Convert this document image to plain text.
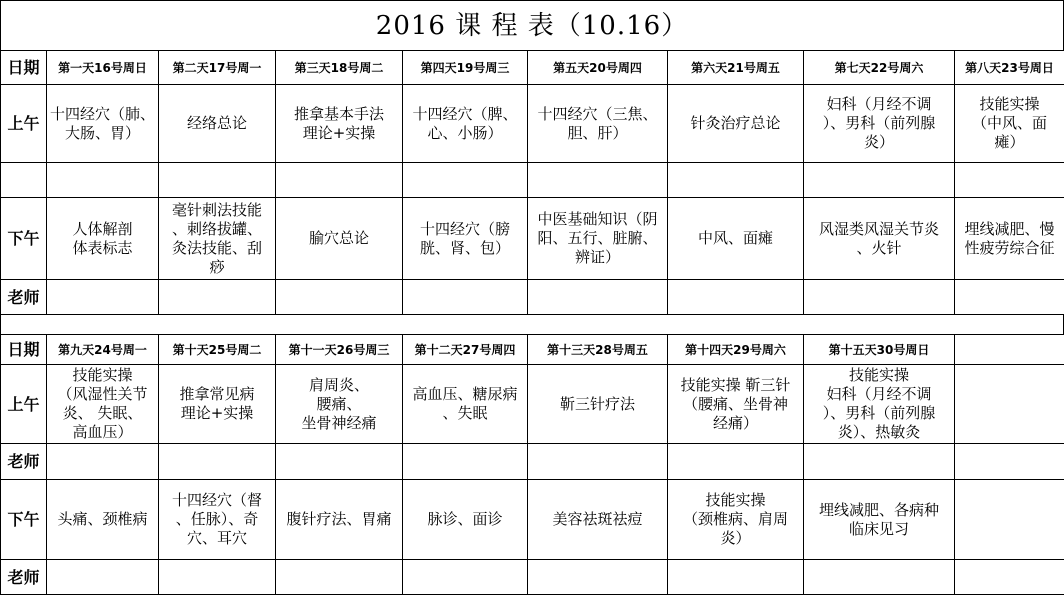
2016 课 程 表（10.16）
日期	第一天16号周日	第二天17号周一	第三天18号周二	第四天19号周三	第五天20号周四	第六天21号周五	第七天22号周六	第八天23号周日
上午	十四经穴（肺、
大肠、胃）	经络总论	推拿基本手法
理论+实操	十四经穴（脾、
心、小肠）	十四经穴（三焦、
胆、肝）	针灸治疗总论	妇科（月经不调
）、男科（前列腺
炎）	技能实操
（中风、面
瘫）

下午	人体解剖
体表标志	毫针刺法技能
、刺络拔罐、
灸法技能、刮
痧	腧穴总论	十四经穴（膀
胱、肾、包）	中医基础知识（阴
阳、五行、脏腑、
辨证）	中风、面瘫	风湿类风湿关节炎
、火针	埋线减肥、慢
性疲劳综合征
老师								
日期	第九天24号周一	第十天25号周二	第十一天26号周三	第十二天27号周四	第十三天28号周五	第十四天29号周六	第十五天30号周日	
上午	技能实操
（风湿性关节
炎、 失眠、
高血压）	推拿常见病
理论+实操	肩周炎、
腰痛、
坐骨神经痛	高血压、糖尿病
、失眠	靳三针疗法	技能实操 靳三针
（腰痛、坐骨神
经痛）	技能实操
妇科（月经不调
）、男科（前列腺
炎）、热敏灸	
老师								
下午	头痛、颈椎病	十四经穴（督
、任脉）、奇
穴、耳穴	腹针疗法、胃痛	脉诊、面诊	美容祛斑祛痘	技能实操
（颈椎病、肩周
炎）	埋线减肥、各病种
临床见习	
老师								
